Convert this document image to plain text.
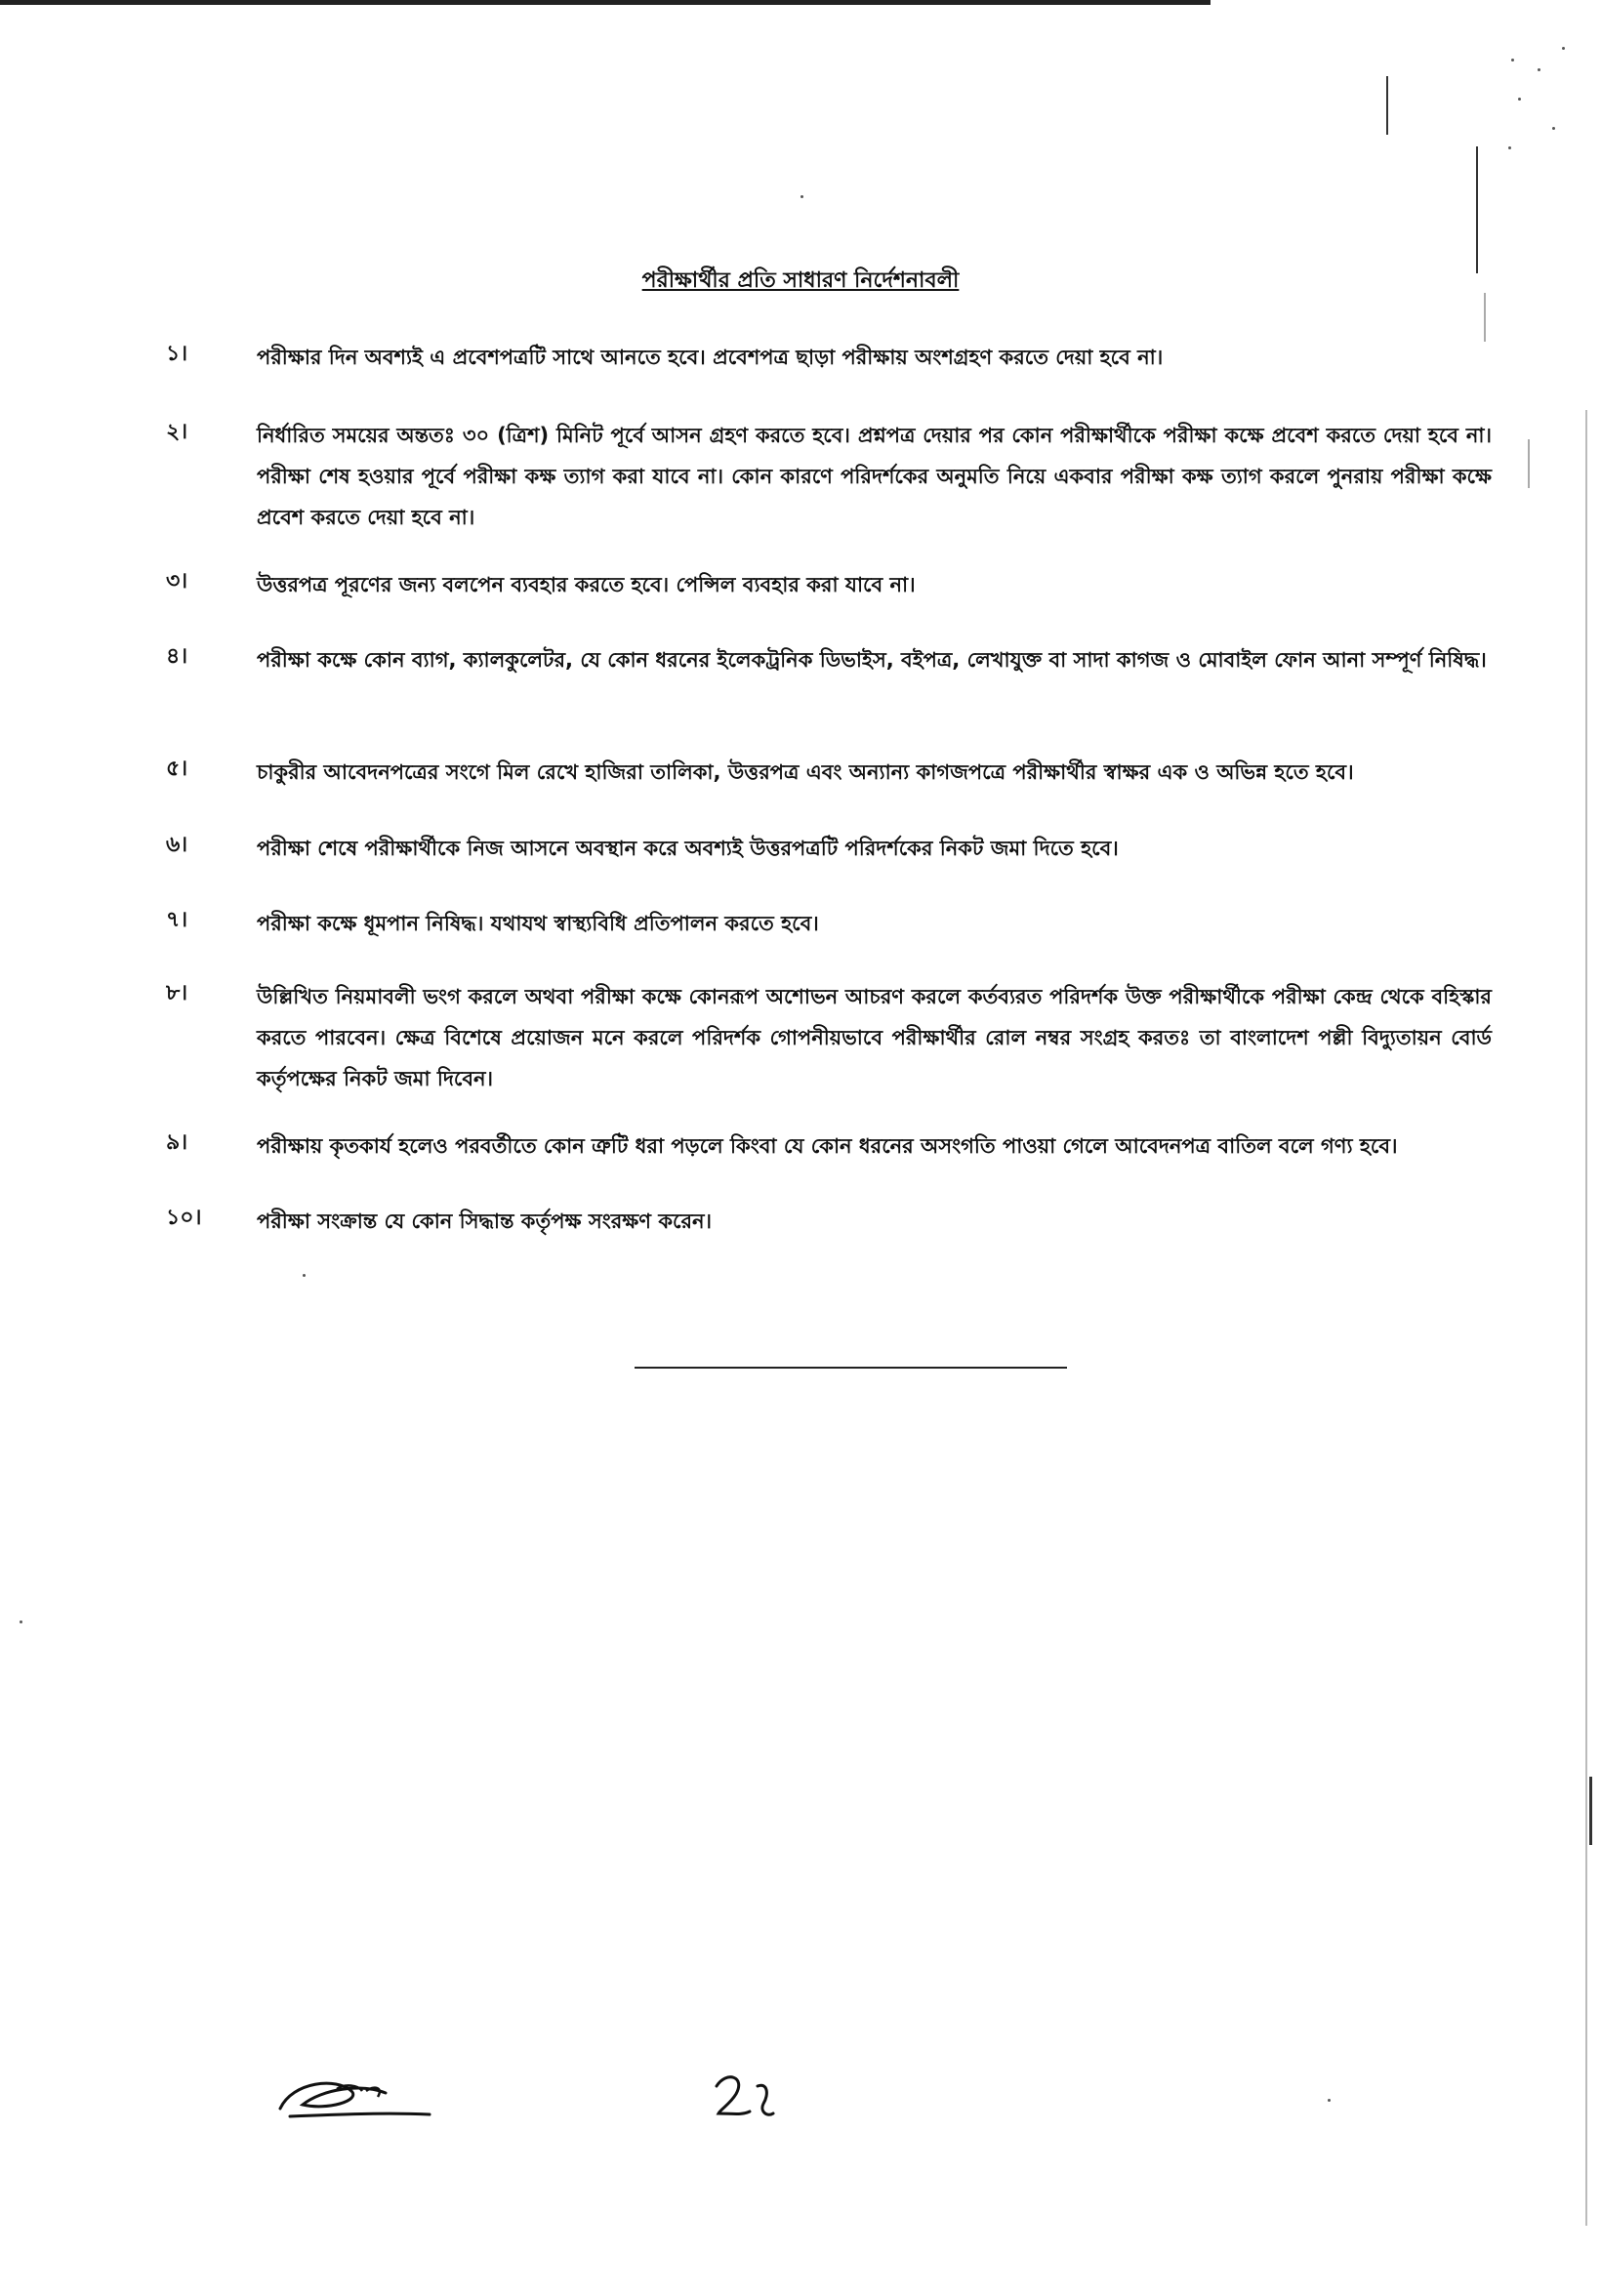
পরীক্ষার্থীর প্রতি সাধারণ নির্দেশনাবলী
১।	পরীক্ষার দিন অবশ্যই এ প্রবেশপত্রটি সাথে আনতে হবে। প্রবেশপত্র ছাড়া পরীক্ষায় অংশগ্রহণ করতে দেয়া হবে না।
২।	নির্ধারিত সময়ের অন্ততঃ ৩০ (ত্রিশ) মিনিট পূর্বে আসন গ্রহণ করতে হবে। প্রশ্নপত্র দেয়ার পর কোন পরীক্ষার্থীকে পরীক্ষা কক্ষে প্রবেশ করতে দেয়া হবে না। পরীক্ষা শেষ হওয়ার পূর্বে পরীক্ষা কক্ষ ত্যাগ করা যাবে না। কোন কারণে পরিদর্শকের অনুমতি নিয়ে একবার পরীক্ষা কক্ষ ত্যাগ করলে পুনরায় পরীক্ষা কক্ষে প্রবেশ করতে দেয়া হবে না।
৩।	উত্তরপত্র পূরণের জন্য বলপেন ব্যবহার করতে হবে। পেন্সিল ব্যবহার করা যাবে না।
৪।	পরীক্ষা কক্ষে কোন ব্যাগ, ক্যালকুলেটর, যে কোন ধরনের ইলেকট্রনিক ডিভাইস, বইপত্র, লেখাযুক্ত বা সাদা কাগজ ও মোবাইল ফোন আনা সম্পূর্ণ নিষিদ্ধ।
৫।	চাকুরীর আবেদনপত্রের সংগে মিল রেখে হাজিরা তালিকা, উত্তরপত্র এবং অন্যান্য কাগজপত্রে পরীক্ষার্থীর স্বাক্ষর এক ও অভিন্ন হতে হবে।
৬।	পরীক্ষা শেষে পরীক্ষার্থীকে নিজ আসনে অবস্থান করে অবশ্যই উত্তরপত্রটি পরিদর্শকের নিকট জমা দিতে হবে।
৭।	পরীক্ষা কক্ষে ধূমপান নিষিদ্ধ। যথাযথ স্বাস্থ্যবিধি প্রতিপালন করতে হবে।
৮।	উল্লিখিত নিয়মাবলী ভংগ করলে অথবা পরীক্ষা কক্ষে কোনরূপ অশোভন আচরণ করলে কর্তব্যরত পরিদর্শক উক্ত পরীক্ষার্থীকে পরীক্ষা কেন্দ্র থেকে বহিস্কার করতে পারবেন। ক্ষেত্র বিশেষে প্রয়োজন মনে করলে পরিদর্শক গোপনীয়ভাবে পরীক্ষার্থীর রোল নম্বর সংগ্রহ করতঃ তা বাংলাদেশ পল্লী বিদ্যুতায়ন বোর্ড কর্তৃপক্ষের নিকট জমা দিবেন।
৯।	পরীক্ষায় কৃতকার্য হলেও পরবর্তীতে কোন ত্রুটি ধরা পড়লে কিংবা যে কোন ধরনের অসংগতি পাওয়া গেলে আবেদনপত্র বাতিল বলে গণ্য হবে।
১০।	পরীক্ষা সংক্রান্ত যে কোন সিদ্ধান্ত কর্তৃপক্ষ সংরক্ষণ করেন।
